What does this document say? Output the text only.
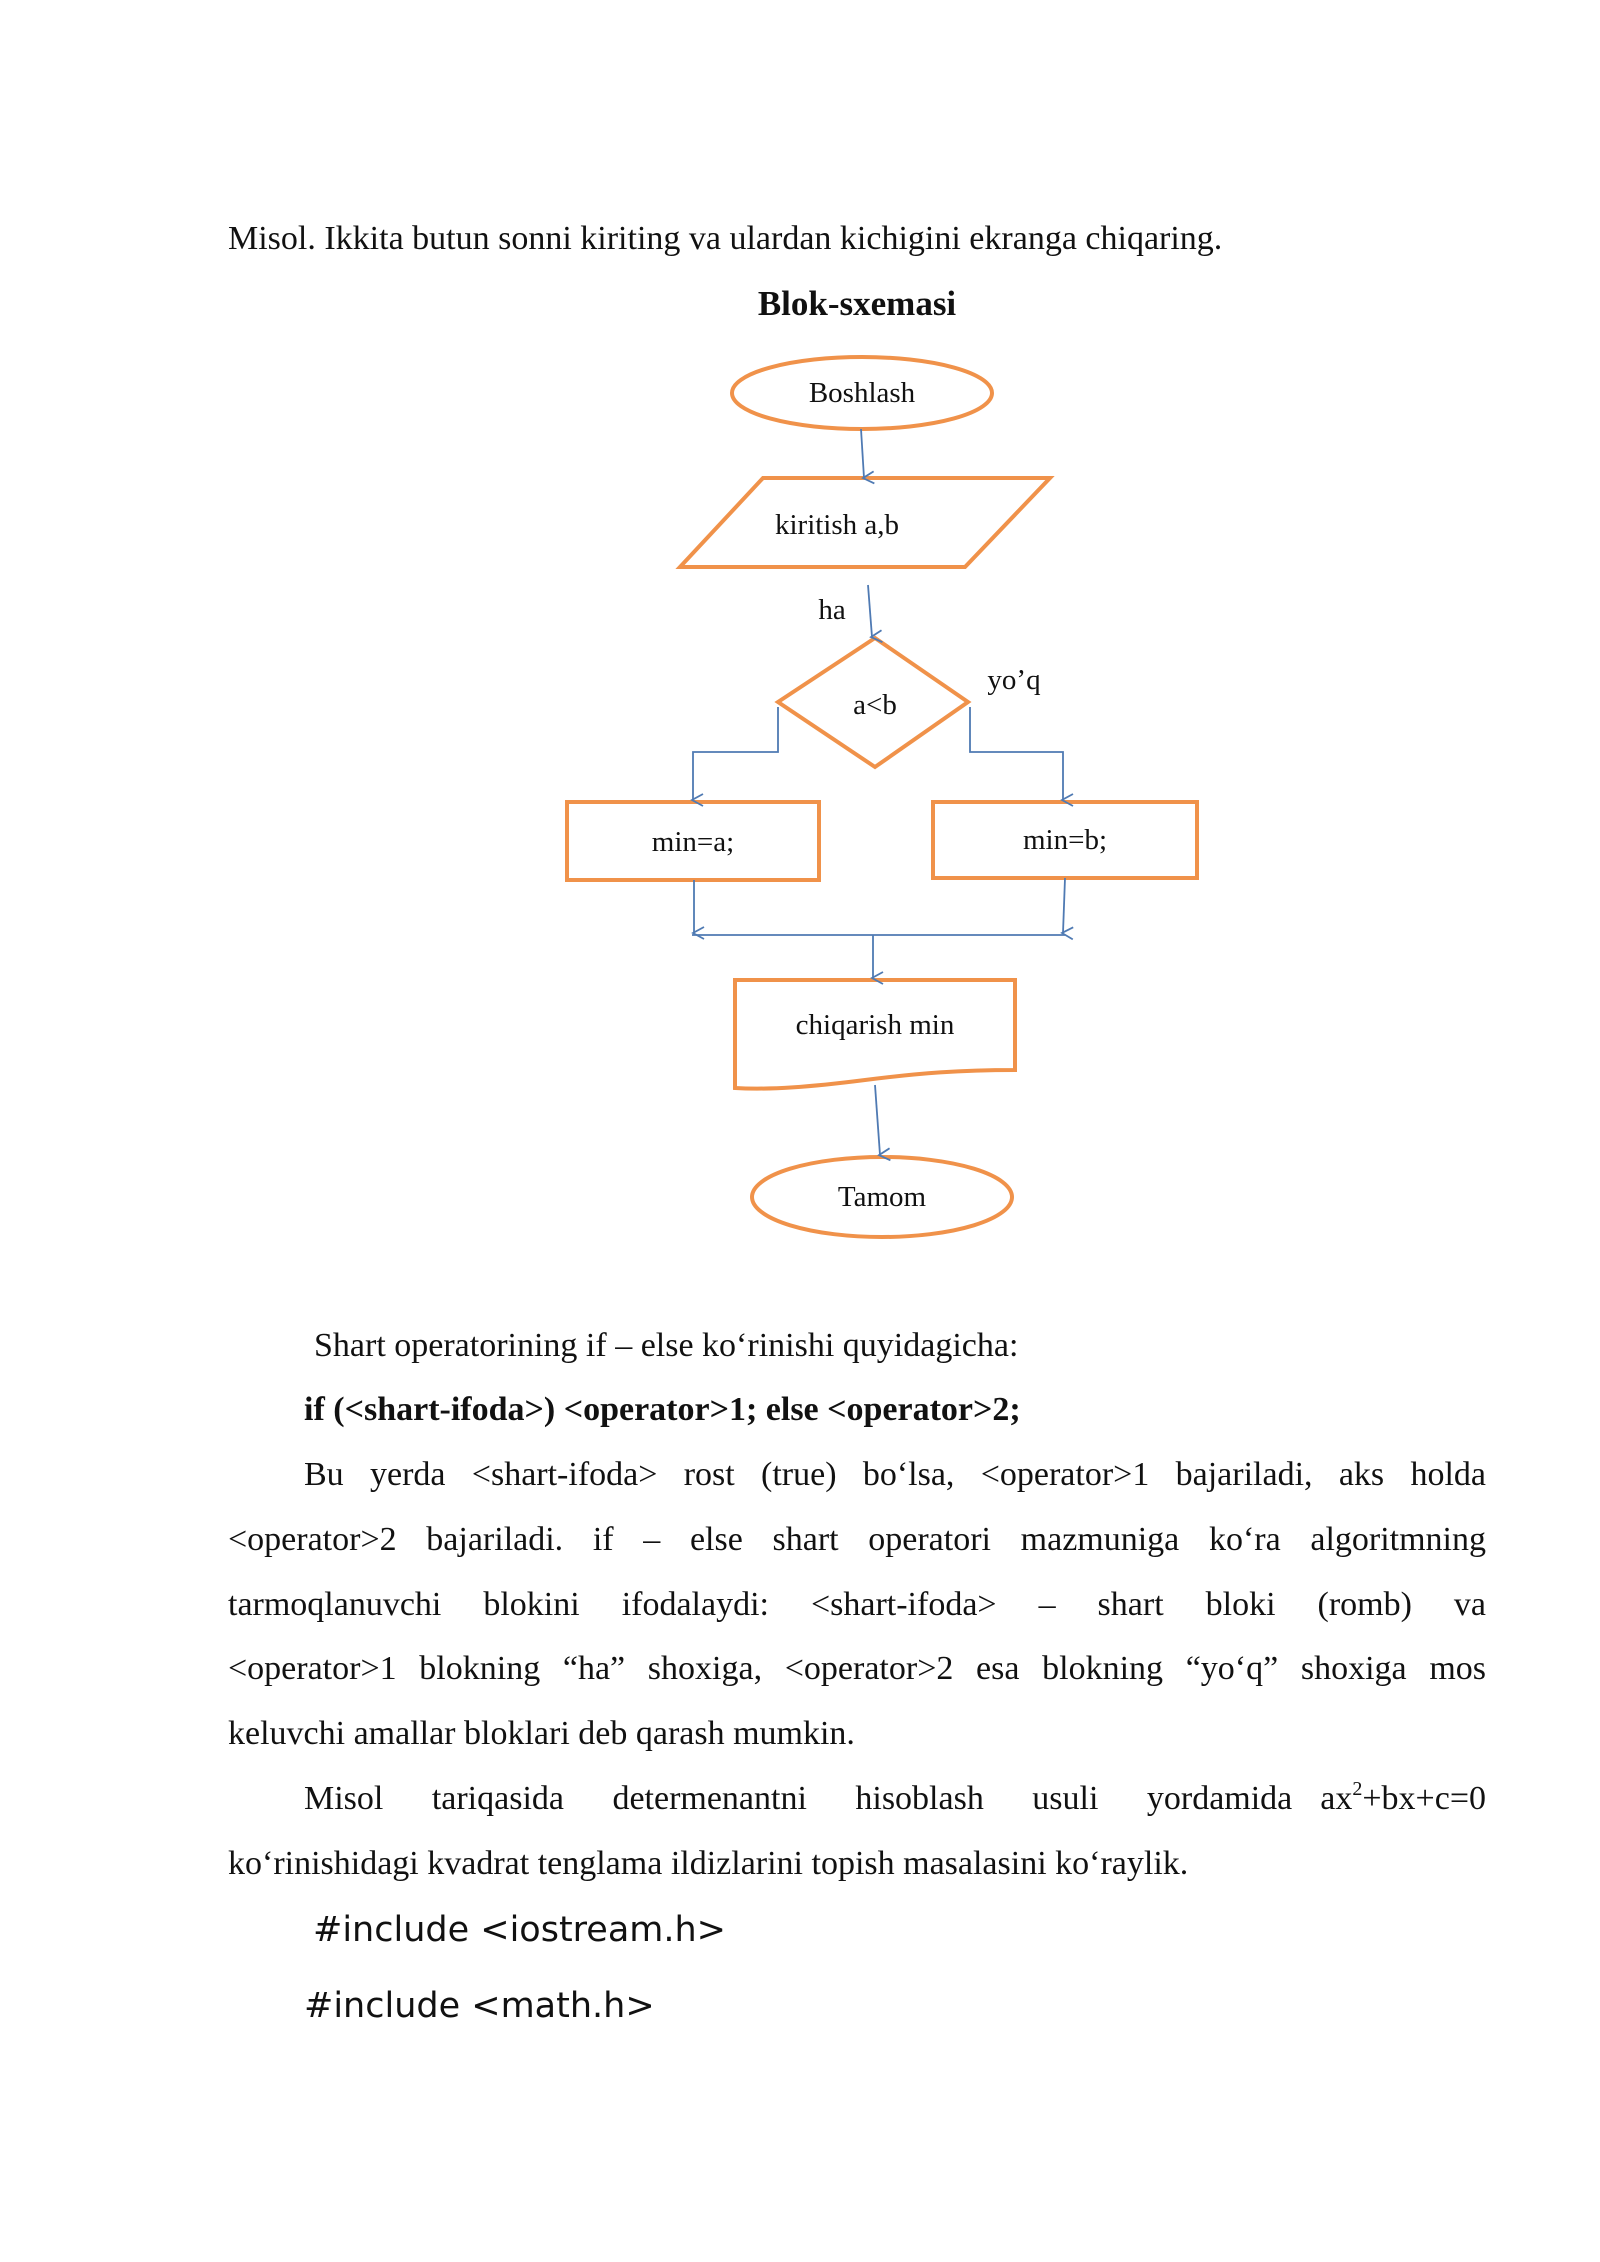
Misol. Ikkita butun sonni kiriting va ulardan kichigini ekranga chiqaring.
Blok-sxemasi
Boshlash
kiritish a,b
ha
a<b
yo’q
min=a;	min=b;
chiqarish min
Tamom
Shart operatorining if – else ko‘rinishi quyidagicha:
if (<shart-ifoda>) <operator>1; else <operator>2;
Bu yerda <shart-ifoda> rost (true) bo‘lsa, <operator>1 bajariladi, aks holda
<operator>2 bajariladi. if – else shart operatori mazmuniga ko‘ra algoritmning
tarmoqlanuvchi blokini ifodalaydi: <shart-ifoda> – shart bloki (romb) va
<operator>1 blokning “ha” shoxiga, <operator>2 esa blokning “yo‘q” shoxiga mos
keluvchi amallar bloklari deb qarash mumkin.
Misol tariqasida determenantni hisoblash usuli yordamida $ax^2+bx+c=0$
ko‘rinishidagi kvadrat tenglama ildizlarini topish masalasini ko‘raylik.
#include <iostream.h>
#include <math.h>
